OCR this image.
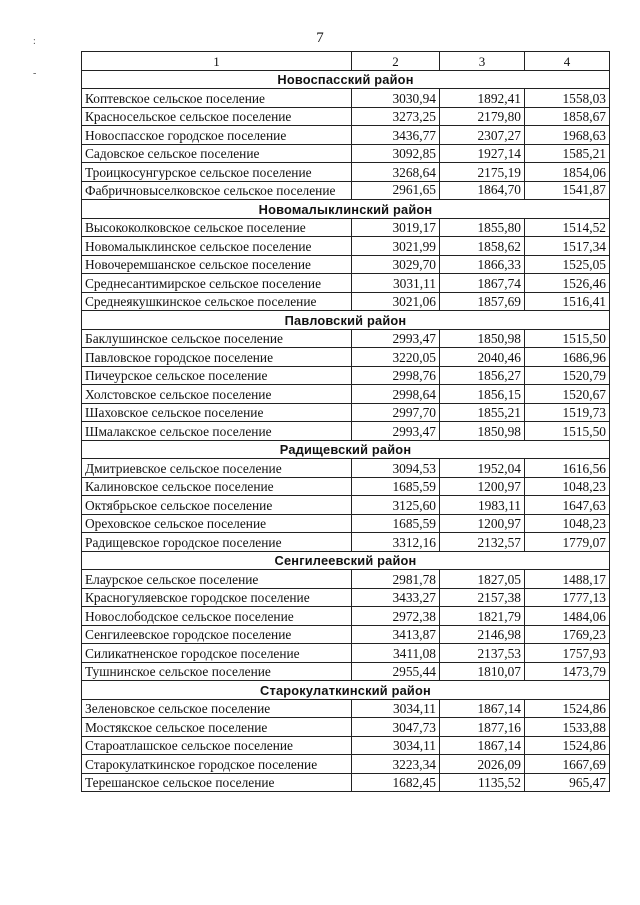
7
:
-
1	2	3	4
Новоспасский район			
Коптевское сельское поселение	3030,94	1892,41	1558,03
Красносельское сельское поселение	3273,25	2179,80	1858,67
Новоспасское городское поселение	3436,77	2307,27	1968,63
Садовское сельское поселение	3092,85	1927,14	1585,21
Троицкосунгурское сельское поселение	3268,64	2175,19	1854,06
Фабричновыселковское сельское поселение	2961,65	1864,70	1541,87
Новомалыклинский район			
Высококолковское сельское поселение	3019,17	1855,80	1514,52
Новомалыклинское сельское поселение	3021,99	1858,62	1517,34
Новочеремшанское сельское поселение	3029,70	1866,33	1525,05
Среднесантимирское сельское поселение	3031,11	1867,74	1526,46
Среднеякушкинское сельское поселение	3021,06	1857,69	1516,41
Павловский район			
Баклушинское сельское поселение	2993,47	1850,98	1515,50
Павловское городское поселение	3220,05	2040,46	1686,96
Пичеурское сельское поселение	2998,76	1856,27	1520,79
Холстовское сельское поселение	2998,64	1856,15	1520,67
Шаховское сельское поселение	2997,70	1855,21	1519,73
Шмалакское сельское поселение	2993,47	1850,98	1515,50
Радищевский район			
Дмитриевское сельское поселение	3094,53	1952,04	1616,56
Калиновское сельское поселение	1685,59	1200,97	1048,23
Октябрьское сельское поселение	3125,60	1983,11	1647,63
Ореховское сельское поселение	1685,59	1200,97	1048,23
Радищевское городское поселение	3312,16	2132,57	1779,07
Сенгилеевский район			
Елаурское сельское поселение	2981,78	1827,05	1488,17
Красногуляевское городское поселение	3433,27	2157,38	1777,13
Новослободское сельское поселение	2972,38	1821,79	1484,06
Сенгилеевское городское поселение	3413,87	2146,98	1769,23
Силикатненское городское поселение	3411,08	2137,53	1757,93
Тушнинское сельское поселение	2955,44	1810,07	1473,79
Старокулаткинский район			
Зеленовское сельское поселение	3034,11	1867,14	1524,86
Мостякское сельское поселение	3047,73	1877,16	1533,88
Староатлашское сельское поселение	3034,11	1867,14	1524,86
Старокулаткинское городское поселение	3223,34	2026,09	1667,69
Терешанское сельское поселение	1682,45	1135,52	965,47
